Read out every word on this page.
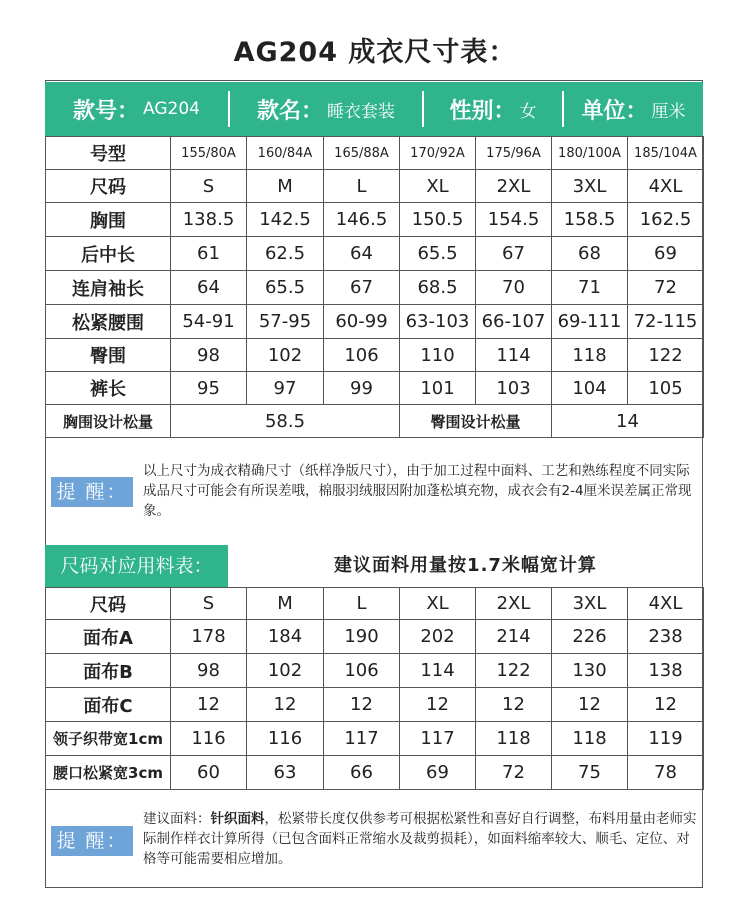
AG204 成衣尺寸表：
款号： AG204	款名： 睡衣套装 性别： 女 单位： 厘米
号型	155/80A	160/84A	165/88A	170/92A	175/96A	180/100A	185/104A
尺码	S	M	L	XL	2XL	3XL	4XL
胸围	138.5	142.5	146.5	150.5	154.5	158.5	162.5
后中长	61	62.5	64	65.5	67	68	69
连肩袖长	64	65.5	67	68.5	70	71	72
松紧腰围	54-91	57-95	60-99	63-103	66-107	69-111	72-115
臀围	98	102	106	110	114	118	122
裤长	95	97	99	101	103	104	105
胸围设计松量	58.5			臀围设计松量		14	
提 醒：
以上尺寸为成衣精确尺寸（纸样净版尺寸），由于加工过程中面料、工艺和熟练程度不同实际成品尺寸可能会有所误差哦，棉服羽绒服因附加蓬松填充物，成衣会有2-4厘米误差属正常现象。
尺码对应用料表：	建议面料用量按1.7米幅宽计算
尺码	S	M	L	XL	2XL	3XL	4XL
面布A	178	184	190	202	214	226	238
面布B	98	102	106	114	122	130	138
面布C	12	12	12	12	12	12	12
领子织带宽1cm	116	116	117	117	118	118	119
腰口松紧宽3cm	60	63	66	69	72	75	78
提 醒：
建议面料：针织面料，松紧带长度仅供参考可根据松紧性和喜好自行调整，布料用量由老师实际制作样衣计算所得（已包含面料正常缩水及裁剪损耗），如面料缩率较大、顺毛、定位、对格等可能需要相应增加。
